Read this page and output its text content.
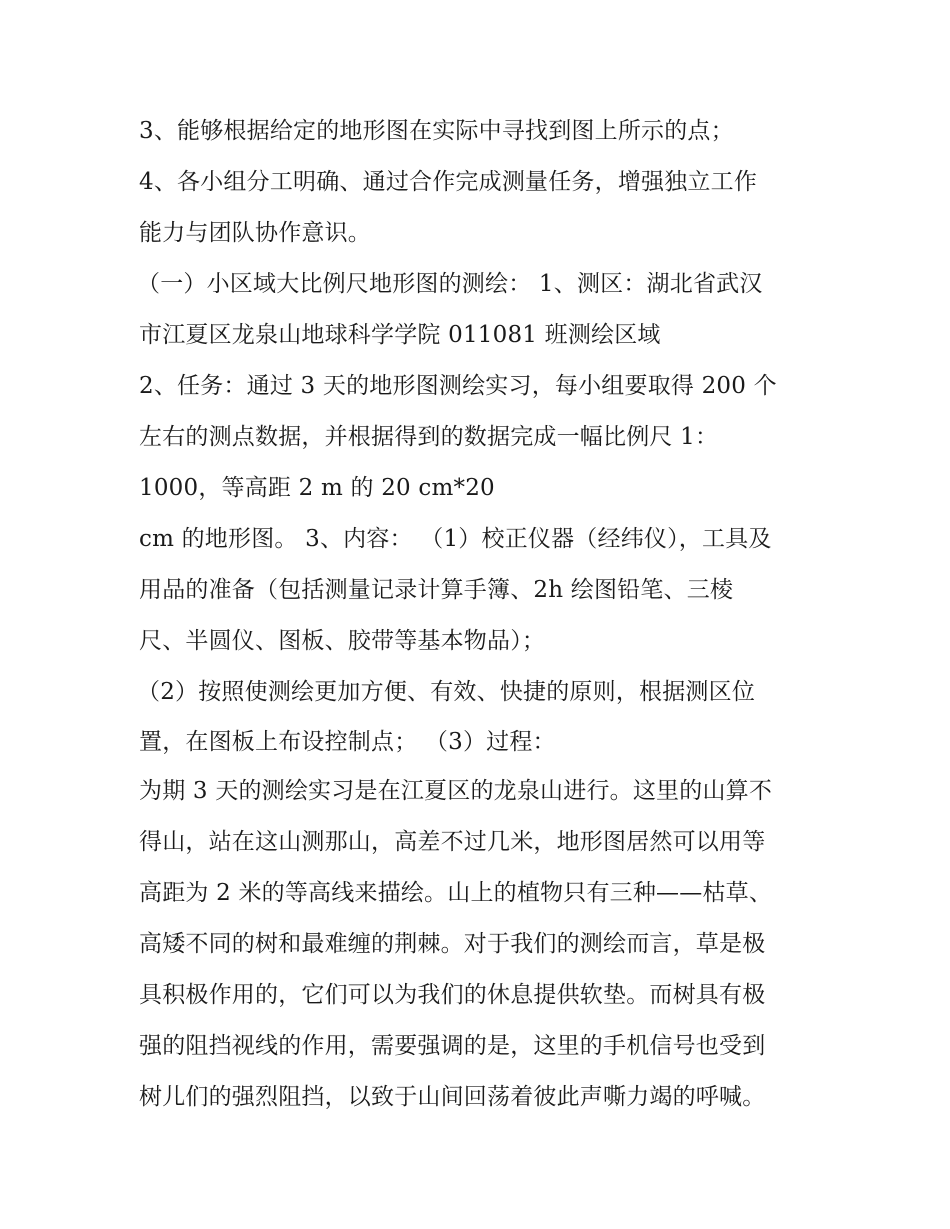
3、能够根据给定的地形图在实际中寻找到图上所示的点；
4、各小组分工明确、通过合作完成测量任务，增强独立工作
能力与团队协作意识。
（一）小区域大比例尺地形图的测绘： 1、测区：湖北省武汉
市江夏区龙泉山地球科学学院 011081 班测绘区域
2、任务：通过 3 天的地形图测绘实习，每小组要取得 200 个
左右的测点数据，并根据得到的数据完成一幅比例尺 1：
1000，等高距 2 m 的 20 cm*20
cm 的地形图。 3、内容： （1）校正仪器（经纬仪），工具及
用品的准备（包括测量记录计算手簿、2h 绘图铅笔、三棱
尺、半圆仪、图板、胶带等基本物品）；
（2）按照使测绘更加方便、有效、快捷的原则，根据测区位
置，在图板上布设控制点； （3）过程：
为期 3 天的测绘实习是在江夏区的龙泉山进行。这里的山算不
得山，站在这山测那山，高差不过几米，地形图居然可以用等
高距为 2 米的等高线来描绘。山上的植物只有三种——枯草、
高矮不同的树和最难缠的荆棘。对于我们的测绘而言，草是极
具积极作用的，它们可以为我们的休息提供软垫。而树具有极
强的阻挡视线的作用，需要强调的是，这里的手机信号也受到
树儿们的强烈阻挡，以致于山间回荡着彼此声嘶力竭的呼喊。
